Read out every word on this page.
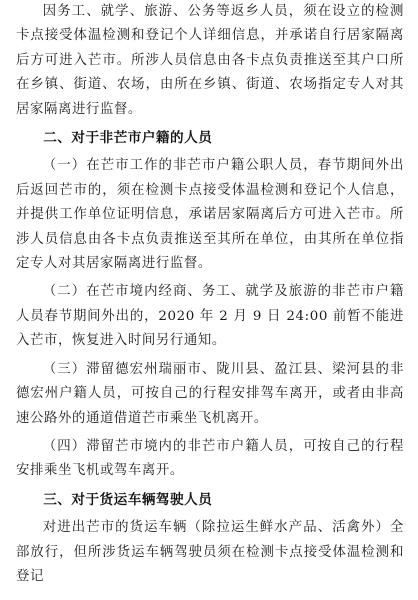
因务工、就学、旅游、公务等返乡人员，须在设立的检测卡点接受体温检测和登记个人详细信息，并承诺自行居家隔离后方可进入芒市。所涉人员信息由各卡点负责推送至其户口所在乡镇、街道、农场，由所在乡镇、街道、农场指定专人对其居家隔离进行监督。

二、对于非芒市户籍的人员

（一）在芒市工作的非芒市户籍公职人员，春节期间外出后返回芒市的，须在检测卡点接受体温检测和登记个人信息，并提供工作单位证明信息，承诺居家隔离后方可进入芒市。所涉人员信息由各卡点负责推送至其所在单位，由其所在单位指定专人对其居家隔离进行监督。

（二）在芒市境内经商、务工、就学及旅游的非芒市户籍人员春节期间外出的，2020 年 2 月 9 日 24:00 前暂不能进入芒市，恢复进入时间另行通知。

（三）滞留德宏州瑞丽市、陇川县、盈江县、梁河县的非德宏州户籍人员，可按自己的行程安排驾车离开，或者由非高速公路外的通道借道芒市乘坐飞机离开。

（四）滞留芒市境内的非芒市户籍人员，可按自己的行程安排乘坐飞机或驾车离开。

三、对于货运车辆驾驶人员

对进出芒市的货运车辆（除拉运生鲜水产品、活禽外）全部放行，但所涉货运车辆驾驶员须在检测卡点接受体温检测和登记
